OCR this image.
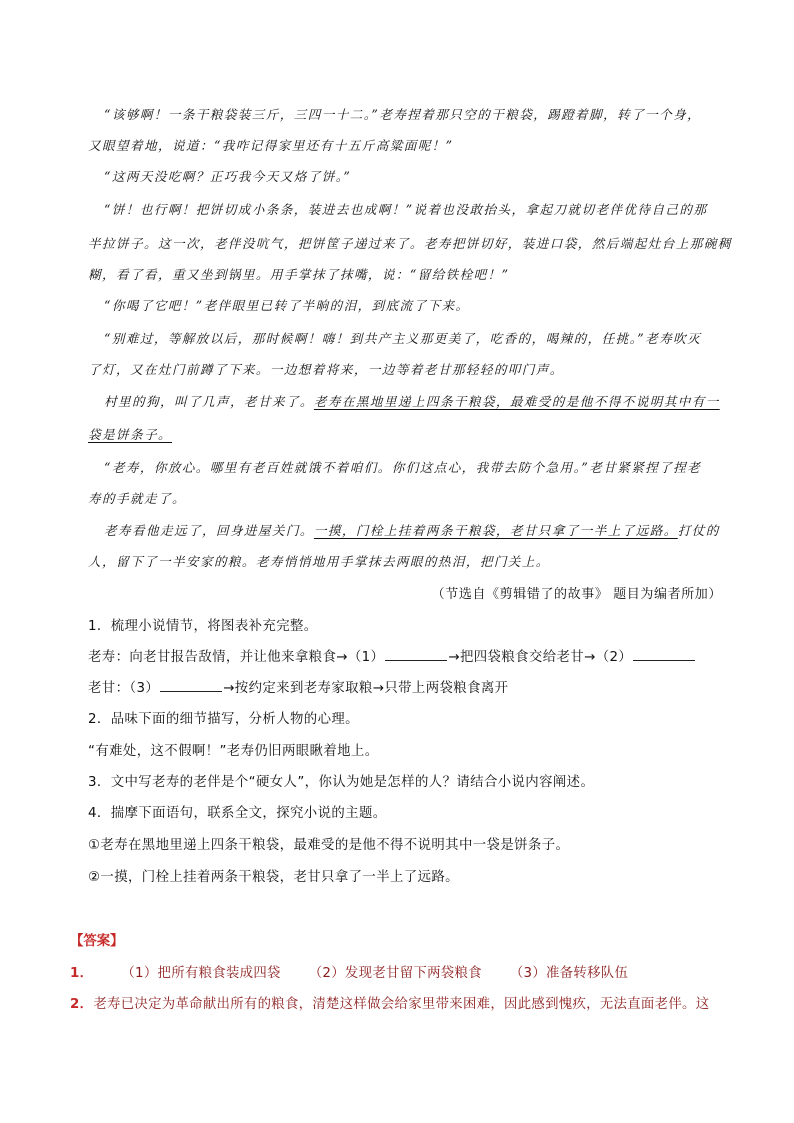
“该够啊！一条干粮袋装三斤，三四一十二。”老寿捏着那只空的干粮袋，踢蹬着脚，转了一个身，
又眼望着地，说道：“我咋记得家里还有十五斤高粱面呢！”
“这两天没吃啊？正巧我今天又烙了饼。”
“饼！也行啊！把饼切成小条条，装进去也成啊！”说着也没敢抬头，拿起刀就切老伴优待自己的那
半拉饼子。这一次，老伴没吭气，把饼筐子递过来了。老寿把饼切好，装进口袋，然后端起灶台上那碗稠
糊，看了看，重又坐到锅里。用手掌抹了抹嘴，说：“留给铁栓吧！”
“你喝了它吧！”老伴眼里已转了半晌的泪，到底流了下来。
“别难过，等解放以后，那时候啊！嗨！到共产主义那更美了，吃香的，喝辣的，任挑。”老寿吹灭
了灯，又在灶门前蹲了下来。一边想着将来，一边等着老甘那轻轻的叩门声。
村里的狗，叫了几声，老甘来了。老寿在黑地里递上四条干粮袋，最难受的是他不得不说明其中有一
袋是饼条子。
“老寿，你放心。哪里有老百姓就饿不着咱们。你们这点心，我带去防个急用。”老甘紧紧捏了捏老
寿的手就走了。
老寿看他走远了，回身进屋关门。一摸，门栓上挂着两条干粮袋，老甘只拿了一半上了远路。打仗的
人，留下了一半安家的粮。老寿悄悄地用手掌抹去两眼的热泪，把门关上。
（节选自《剪辑错了的故事》 题目为编者所加）
1．梳理小说情节，将图表补充完整。
老寿：向老甘报告敌情，并让他来拿粮食→（1）	→把四袋粮食交给老甘→（2）
老甘：（3）	→按约定来到老寿家取粮→只带上两袋粮食离开
2．品味下面的细节描写，分析人物的心理。
“有难处，这不假啊！”老寿仍旧两眼瞅着地上。
3．文中写老寿的老伴是个“硬女人”，你认为她是怎样的人？请结合小说内容阐述。
4．揣摩下面语句，联系全文，探究小说的主题。
①老寿在黑地里递上四条干粮袋，最难受的是他不得不说明其中一袋是饼条子。
②一摸，门栓上挂着两条干粮袋，老甘只拿了一半上了远路。
【答案】
1． （1）把所有粮食装成四袋 （2）发现老甘留下两袋粮食 （3）准备转移队伍
2．老寿已决定为革命献出所有的粮食，清楚这样做会给家里带来困难，因此感到愧疚，无法直面老伴。这
